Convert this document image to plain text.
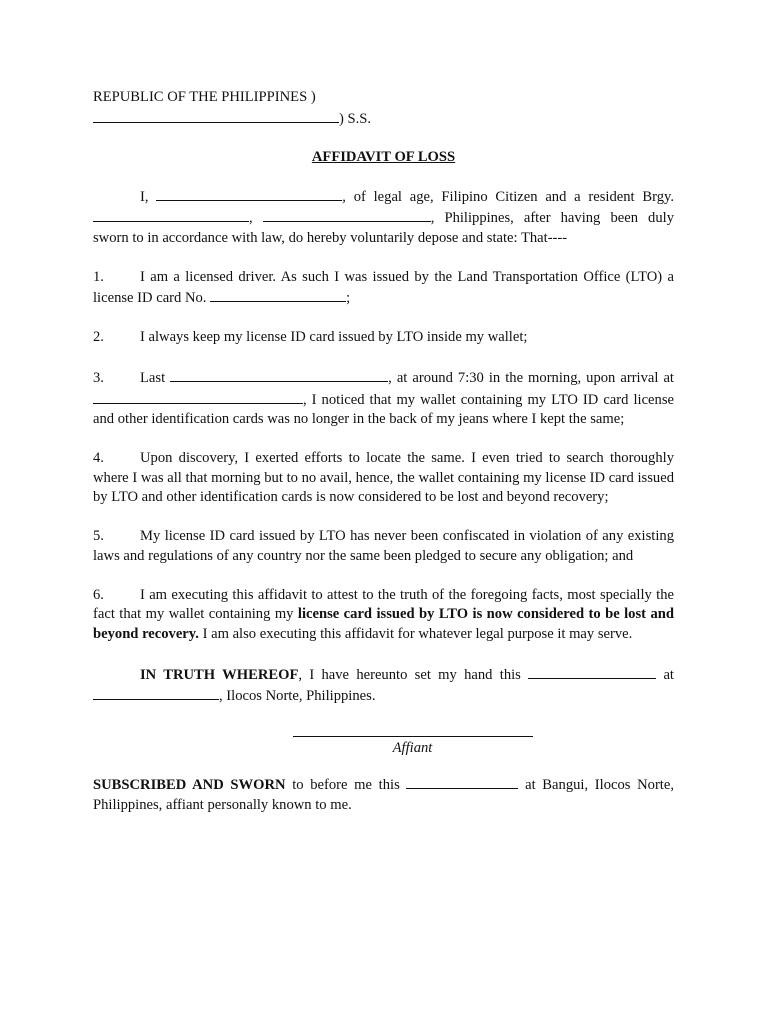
REPUBLIC OF THE PHILIPPINES )
) S.S.
AFFIDAVIT OF LOSS

I,	, of legal age, Filipino Citizen and a resident Brgy. ,	, Philippines, after having been duly sworn to in accordance with law, do hereby voluntarily depose and state: That----

1. I am a licensed driver. As such I was issued by the Land Transportation Office (LTO) a license ID card No.	;

2. I always keep my license ID card issued by LTO inside my wallet;

3. Last	, at around 7:30 in the morning, upon arrival at , I noticed that my wallet containing my LTO ID card license and other identification cards was no longer in the back of my jeans where I kept the same;

4. Upon discovery, I exerted efforts to locate the same. I even tried to search thoroughly where I was all that morning but to no avail, hence, the wallet containing my license ID card issued by LTO and other identification cards is now considered to be lost and beyond recovery;

5. My license ID card issued by LTO has never been confiscated in violation of any existing laws and regulations of any country nor the same been pledged to secure any obligation; and

6. I am executing this affidavit to attest to the truth of the foregoing facts, most specially the fact that my wallet containing my license card issued by LTO is now considered to be lost and beyond recovery. I am also executing this affidavit for whatever legal purpose it may serve.

IN TRUTH WHEREOF, I have hereunto set my hand this	at , Ilocos Norte, Philippines.

Affiant

SUBSCRIBED AND SWORN to before me this	at Bangui, Ilocos Norte, Philippines, affiant personally known to me.
